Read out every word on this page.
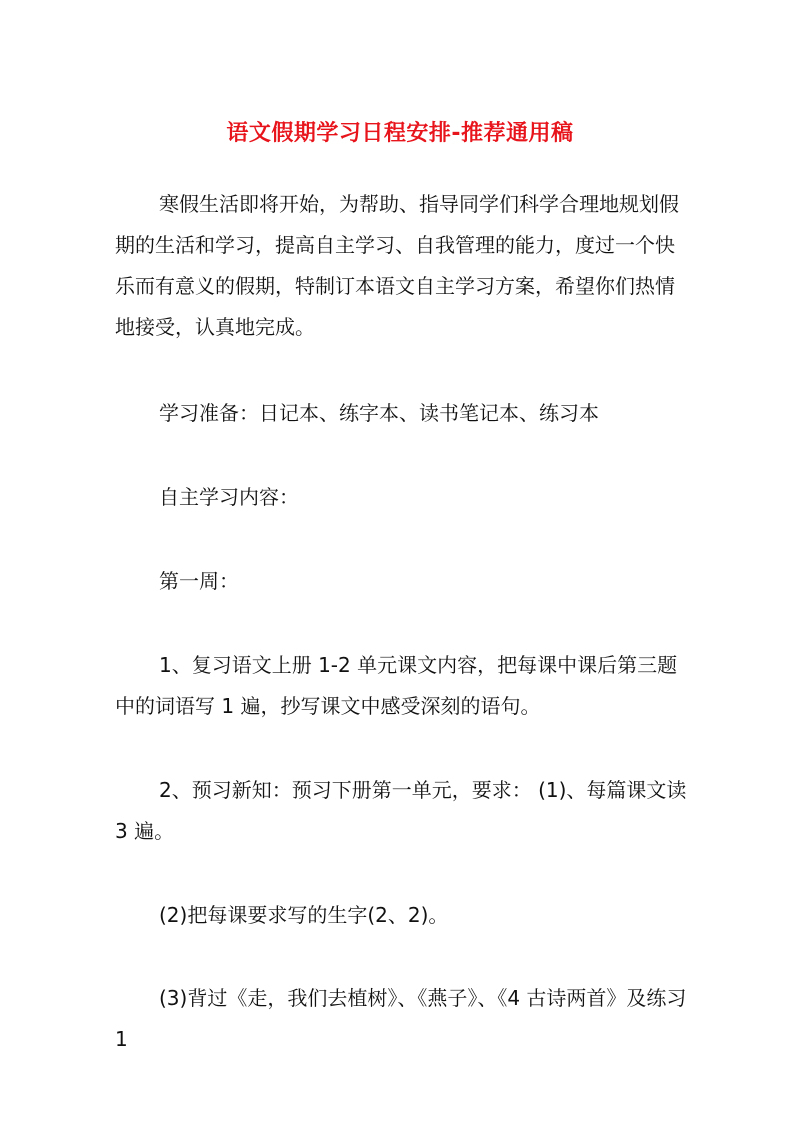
语文假期学习日程安排-推荐通用稿

寒假生活即将开始，为帮助、指导同学们科学合理地规划假期的生活和学习，提高自主学习、自我管理的能力，度过一个快乐而有意义的假期，特制订本语文自主学习方案，希望你们热情地接受，认真地完成。

学习准备：日记本、练字本、读书笔记本、练习本

自主学习内容：

第一周：

1、复习语文上册 1-2 单元课文内容，把每课中课后第三题中的词语写 1 遍，抄写课文中感受深刻的语句。

2、预习新知：预习下册第一单元，要求： (1)、每篇课文读 3 遍。

(2)把每课要求写的生字(2、2)。

(3)背过《走，我们去植树》、《燕子》、《4 古诗两首》及练习 1
